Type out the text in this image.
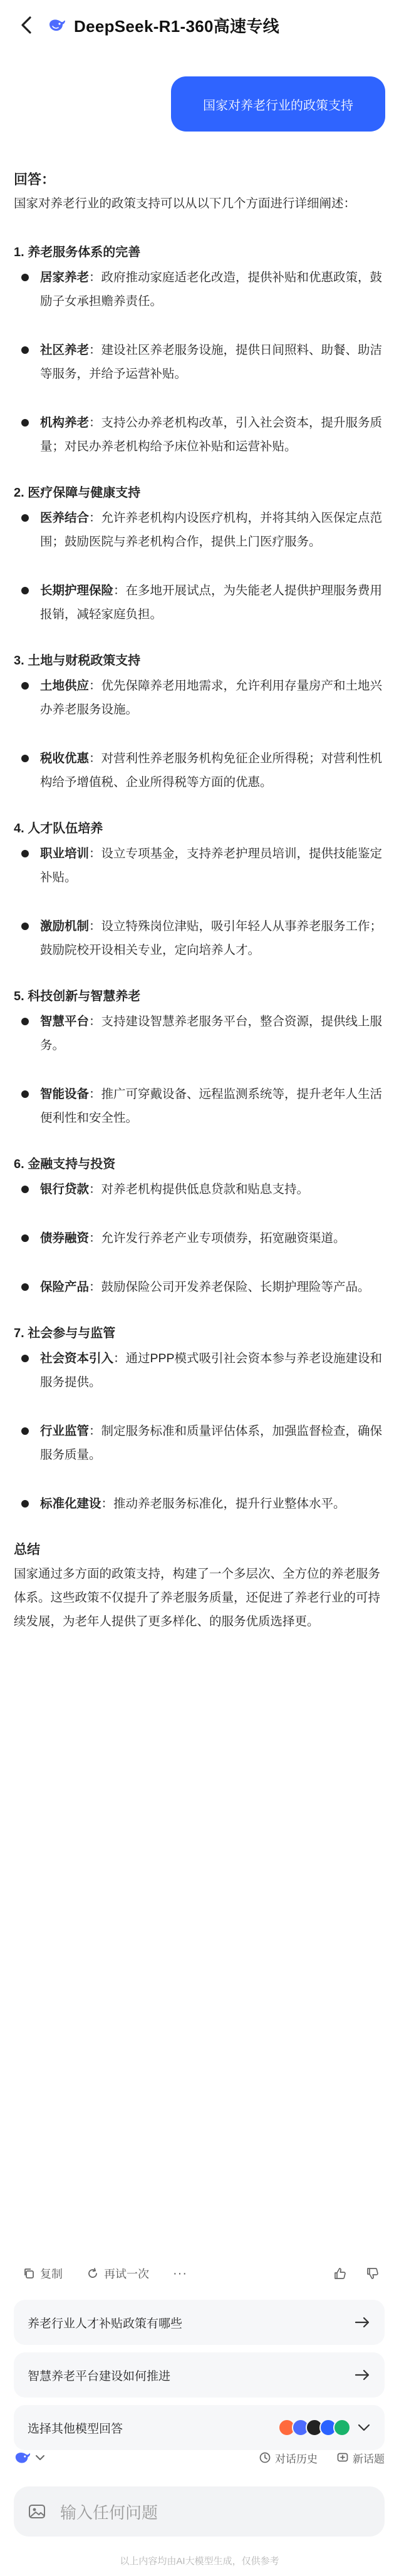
DeepSeek-R1-360高速专线
国家对养老行业的政策支持
回答：
国家对养老行业的政策支持可以从以下几个方面进行详细阐述：
1. 养老服务体系的完善
居家养老：政府推动家庭适老化改造，提供补贴和优惠政策，鼓励子女承担赡养责任。
社区养老：建设社区养老服务设施，提供日间照料、助餐、助洁等服务，并给予运营补贴。
机构养老：支持公办养老机构改革，引入社会资本，提升服务质量；对民办养老机构给予床位补贴和运营补贴。
2. 医疗保障与健康支持
医养结合：允许养老机构内设医疗机构，并将其纳入医保定点范围；鼓励医院与养老机构合作，提供上门医疗服务。
长期护理保险：在多地开展试点，为失能老人提供护理服务费用报销，减轻家庭负担。
3. 土地与财税政策支持
土地供应：优先保障养老用地需求，允许利用存量房产和土地兴办养老服务设施。
税收优惠：对营利性养老服务机构免征企业所得税；对营利性机构给予增值税、企业所得税等方面的优惠。
4. 人才队伍培养
职业培训：设立专项基金，支持养老护理员培训，提供技能鉴定补贴。
激励机制：设立特殊岗位津贴，吸引年轻人从事养老服务工作；鼓励院校开设相关专业，定向培养人才。
5. 科技创新与智慧养老
智慧平台：支持建设智慧养老服务平台，整合资源，提供线上服务。
智能设备：推广可穿戴设备、远程监测系统等，提升老年人生活便利性和安全性。
6. 金融支持与投资
银行贷款：对养老机构提供低息贷款和贴息支持。
债券融资：允许发行养老产业专项债券，拓宽融资渠道。
保险产品：鼓励保险公司开发养老保险、长期护理险等产品。
7. 社会参与与监管
社会资本引入：通过PPP模式吸引社会资本参与养老设施建设和服务提供。
行业监管：制定服务标准和质量评估体系，加强监督检查，确保服务质量。
标准化建设：推动养老服务标准化，提升行业整体水平。
总结
国家通过多方面的政策支持，构建了一个多层次、全方位的养老服务体系。这些政策不仅提升了养老服务质量，还促进了养老行业的可持续发展，为老年人提供了更多样化、的服务优质选择更。
复制	再试一次 ···
养老行业人才补贴政策有哪些
智慧养老平台建设如何推进
选择其他模型回答
对话历史	新话题
输入任何问题
以上内容均由AI大模型生成，仅供参考
